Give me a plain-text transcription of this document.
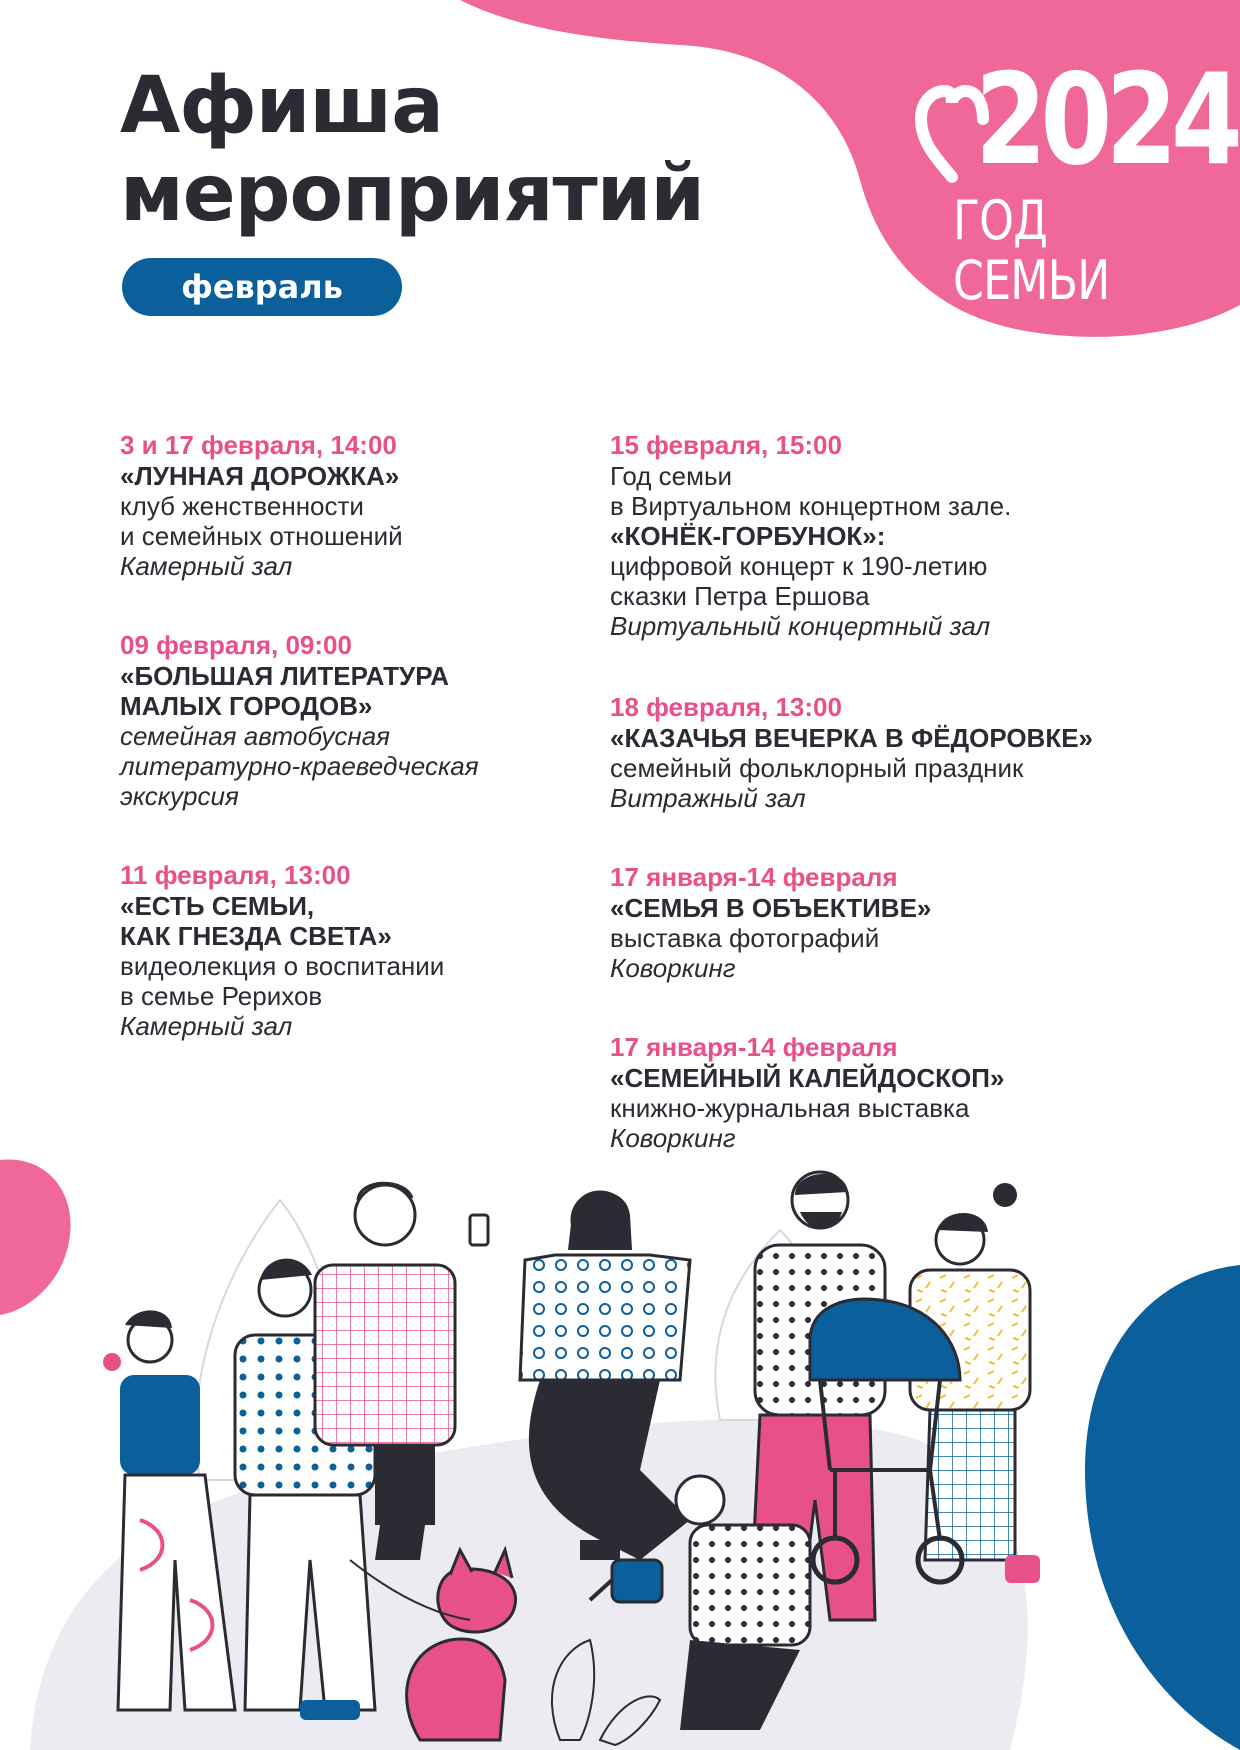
Афиша
мероприятий
февраль
2024
ГОД СЕМЬИ
3 и 17 февраля, 14:00
«ЛУННАЯ ДОРОЖКА»
клуб женственности
и семейных отношений
Камерный зал
09 февраля, 09:00
«БОЛЬШАЯ ЛИТЕРАТУРА
МАЛЫХ ГОРОДОВ»
семейная автобусная
литературно-краеведческая
экскурсия
11 февраля, 13:00
«ЕСТЬ СЕМЬИ,
КАК ГНЕЗДА СВЕТА»
видеолекция о воспитании
в семье Рерихов
Камерный зал
15 февраля, 15:00
Год семьи
в Виртуальном концертном зале.
«КОНЁК-ГОРБУНОК»:
цифровой концерт к 190-летию
сказки Петра Ершова
Виртуальный концертный зал
18 февраля, 13:00
«КАЗАЧЬЯ ВЕЧЕРКА В ФЁДОРОВКЕ»
семейный фольклорный праздник
Витражный зал
17 января-14 февраля
«СЕМЬЯ В ОБЪЕКТИВЕ»
выставка фотографий
Коворкинг
17 января-14 февраля
«СЕМЕЙНЫЙ КАЛЕЙДОСКОП»
книжно-журнальная выставка
Коворкинг
